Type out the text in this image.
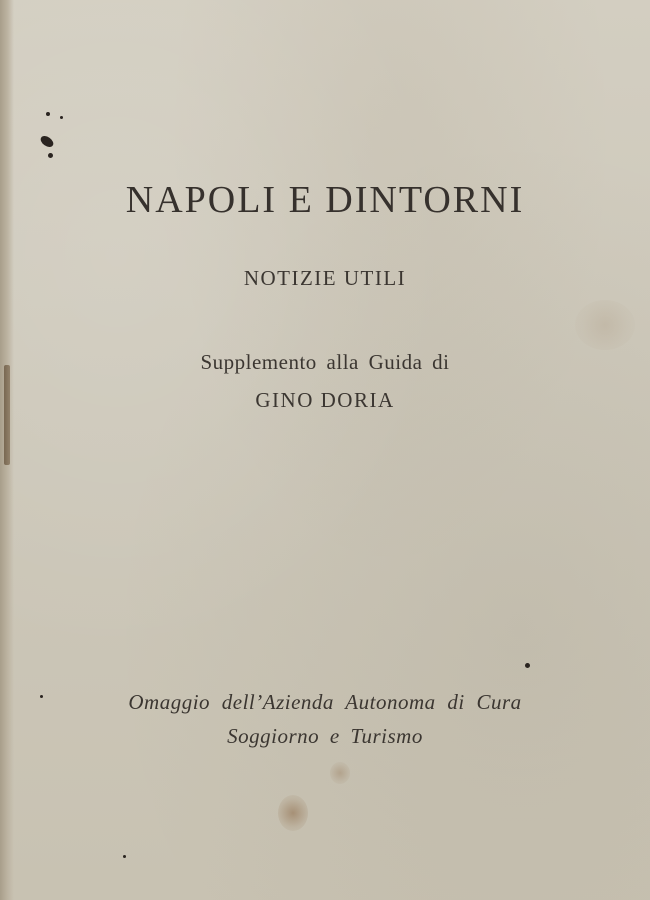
NAPOLI E DINTORNI
NOTIZIE UTILI
Supplemento alla Guida di
GINO DORIA
Omaggio dell’Azienda Autonoma di Cura
Soggiorno e Turismo
